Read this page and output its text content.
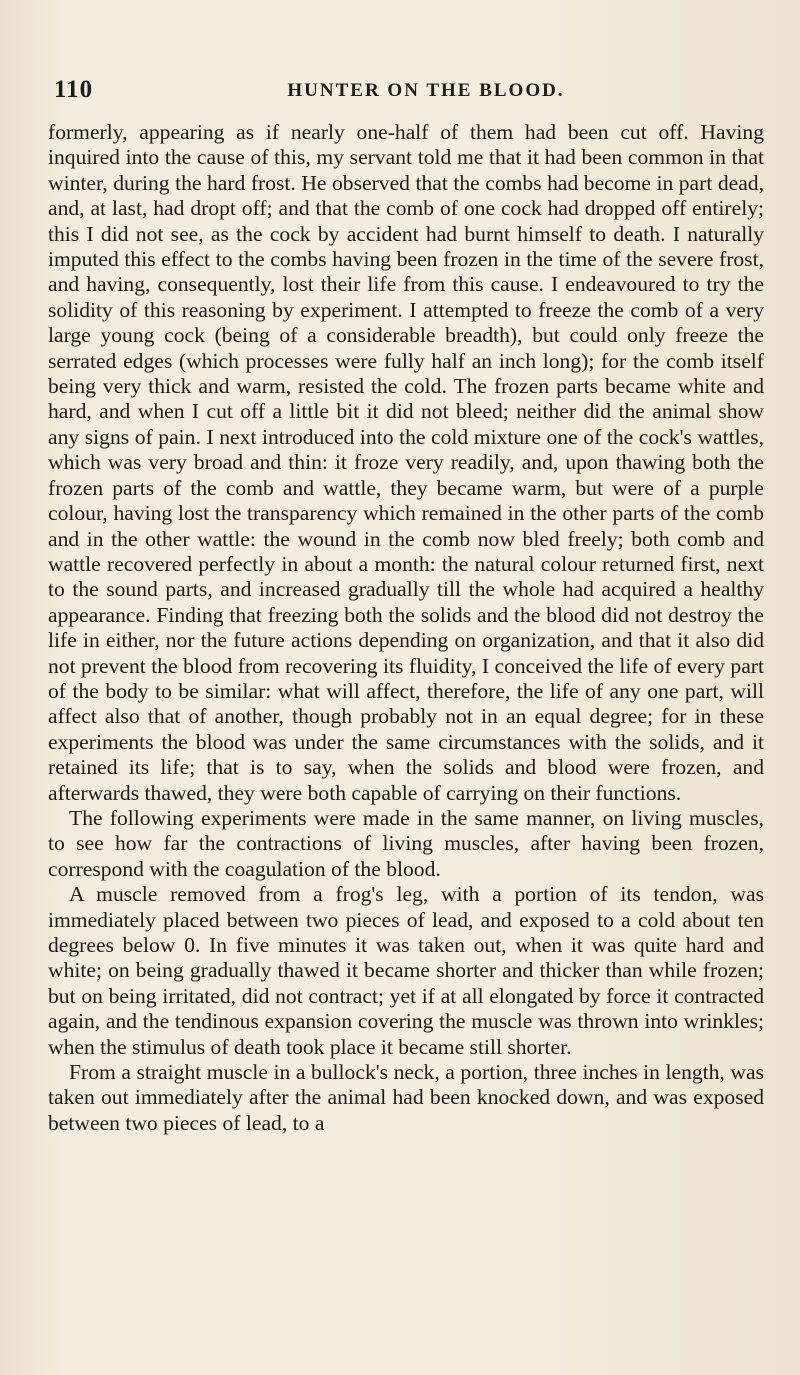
110	HUNTER ON THE BLOOD.

formerly, appearing as if nearly one-half of them had been cut off. Having inquired into the cause of this, my servant told me that it had been common in that winter, during the hard frost. He observed that the combs had become in part dead, and, at last, had dropt off; and that the comb of one cock had dropped off entirely; this I did not see, as the cock by accident had burnt himself to death. I naturally imputed this effect to the combs having been frozen in the time of the severe frost, and having, consequently, lost their life from this cause. I endeavoured to try the solidity of this reasoning by experiment. I attempted to freeze the comb of a very large young cock (being of a considerable breadth), but could only freeze the serrated edges (which processes were fully half an inch long); for the comb itself being very thick and warm, resisted the cold. The frozen parts became white and hard, and when I cut off a little bit it did not bleed; neither did the animal show any signs of pain. I next introduced into the cold mixture one of the cock's wattles, which was very broad and thin: it froze very readily, and, upon thawing both the frozen parts of the comb and wattle, they became warm, but were of a purple colour, having lost the transparency which remained in the other parts of the comb and in the other wattle: the wound in the comb now bled freely; both comb and wattle recovered perfectly in about a month: the natural colour returned first, next to the sound parts, and increased gradually till the whole had acquired a healthy appearance. Finding that freezing both the solids and the blood did not destroy the life in either, nor the future actions depending on organization, and that it also did not prevent the blood from recovering its fluidity, I conceived the life of every part of the body to be similar: what will affect, therefore, the life of any one part, will affect also that of another, though probably not in an equal degree; for in these experiments the blood was under the same circumstances with the solids, and it retained its life; that is to say, when the solids and blood were frozen, and afterwards thawed, they were both capable of carrying on their functions.

The following experiments were made in the same manner, on living muscles, to see how far the contractions of living muscles, after having been frozen, correspond with the coagulation of the blood.

A muscle removed from a frog's leg, with a portion of its tendon, was immediately placed between two pieces of lead, and exposed to a cold about ten degrees below 0. In five minutes it was taken out, when it was quite hard and white; on being gradually thawed it became shorter and thicker than while frozen; but on being irritated, did not contract; yet if at all elongated by force it contracted again, and the tendinous expansion covering the muscle was thrown into wrinkles; when the stimulus of death took place it became still shorter.

From a straight muscle in a bullock's neck, a portion, three inches in length, was taken out immediately after the animal had been knocked down, and was exposed between two pieces of lead, to a
